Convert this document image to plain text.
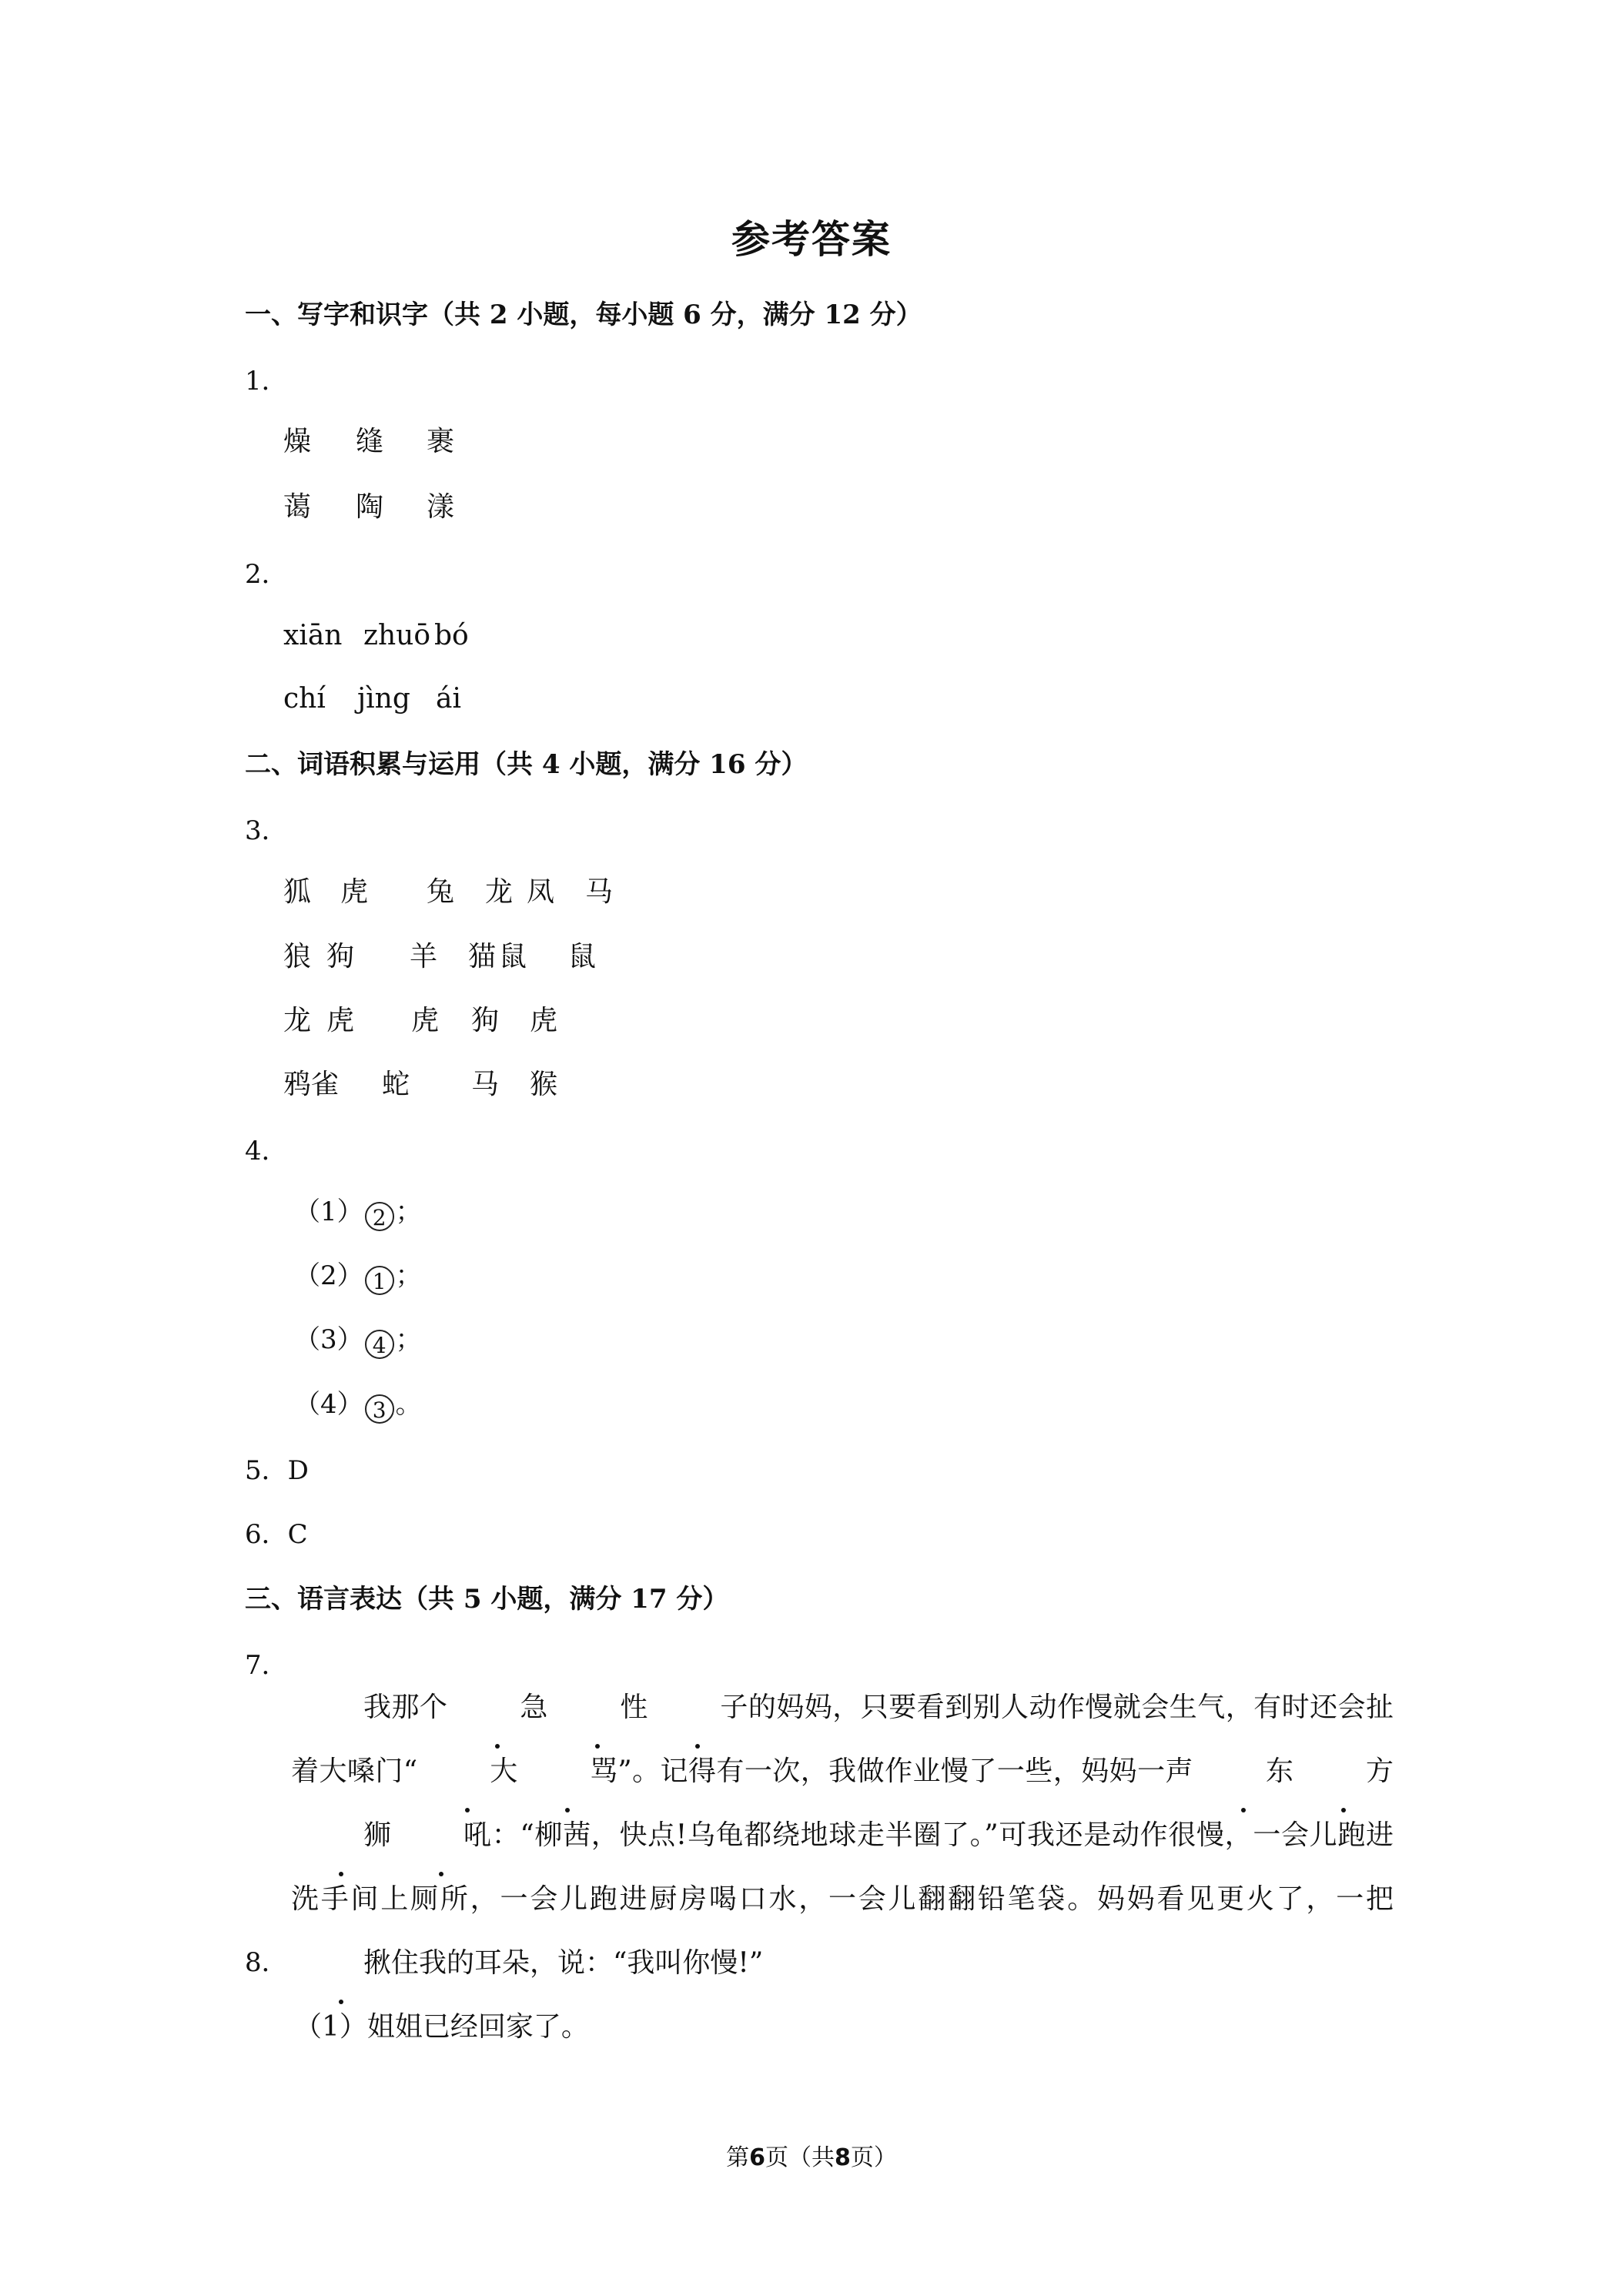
参考答案
一、写字和识字（共 2 小题，每小题 6 分，满分 12 分）
1．
燥 缝 裹
蔼 陶 漾
2．
xiān zhuō bó
chí jìng ái
二、词语积累与运用（共 4 小题，满分 16 分）
3．
狐 虎 兔 龙 凤 马
狼 狗 羊 猫 鼠 鼠
龙 虎 虎 狗 虎
鸦雀 蛇 马 猴
4．
（1） 2 ；
（2） 1 ；
（3） 4 ；
（4） 3 。
5．D
6．C
三、语言表达（共 5 小题，满分 17 分）
7．
我那个	急	性	子的妈妈，只要看到别人动作慢就会生气，有时还会扯着大嗓门“	大	骂”。记得有一次，我做作业慢了一些，妈妈一声	东	方狮	吼：“柳茜，快点!乌龟都绕地球走半圈了。”可我还是动作很慢，一会儿跑进洗手间上厕所，一会儿跑进厨房喝口水，一会儿翻翻铅笔袋。妈妈看见更火了，一把揪住我的耳朵，说：“我叫你慢!”
8．
（1）姐姐已经回家了。
第6页（共8页）
